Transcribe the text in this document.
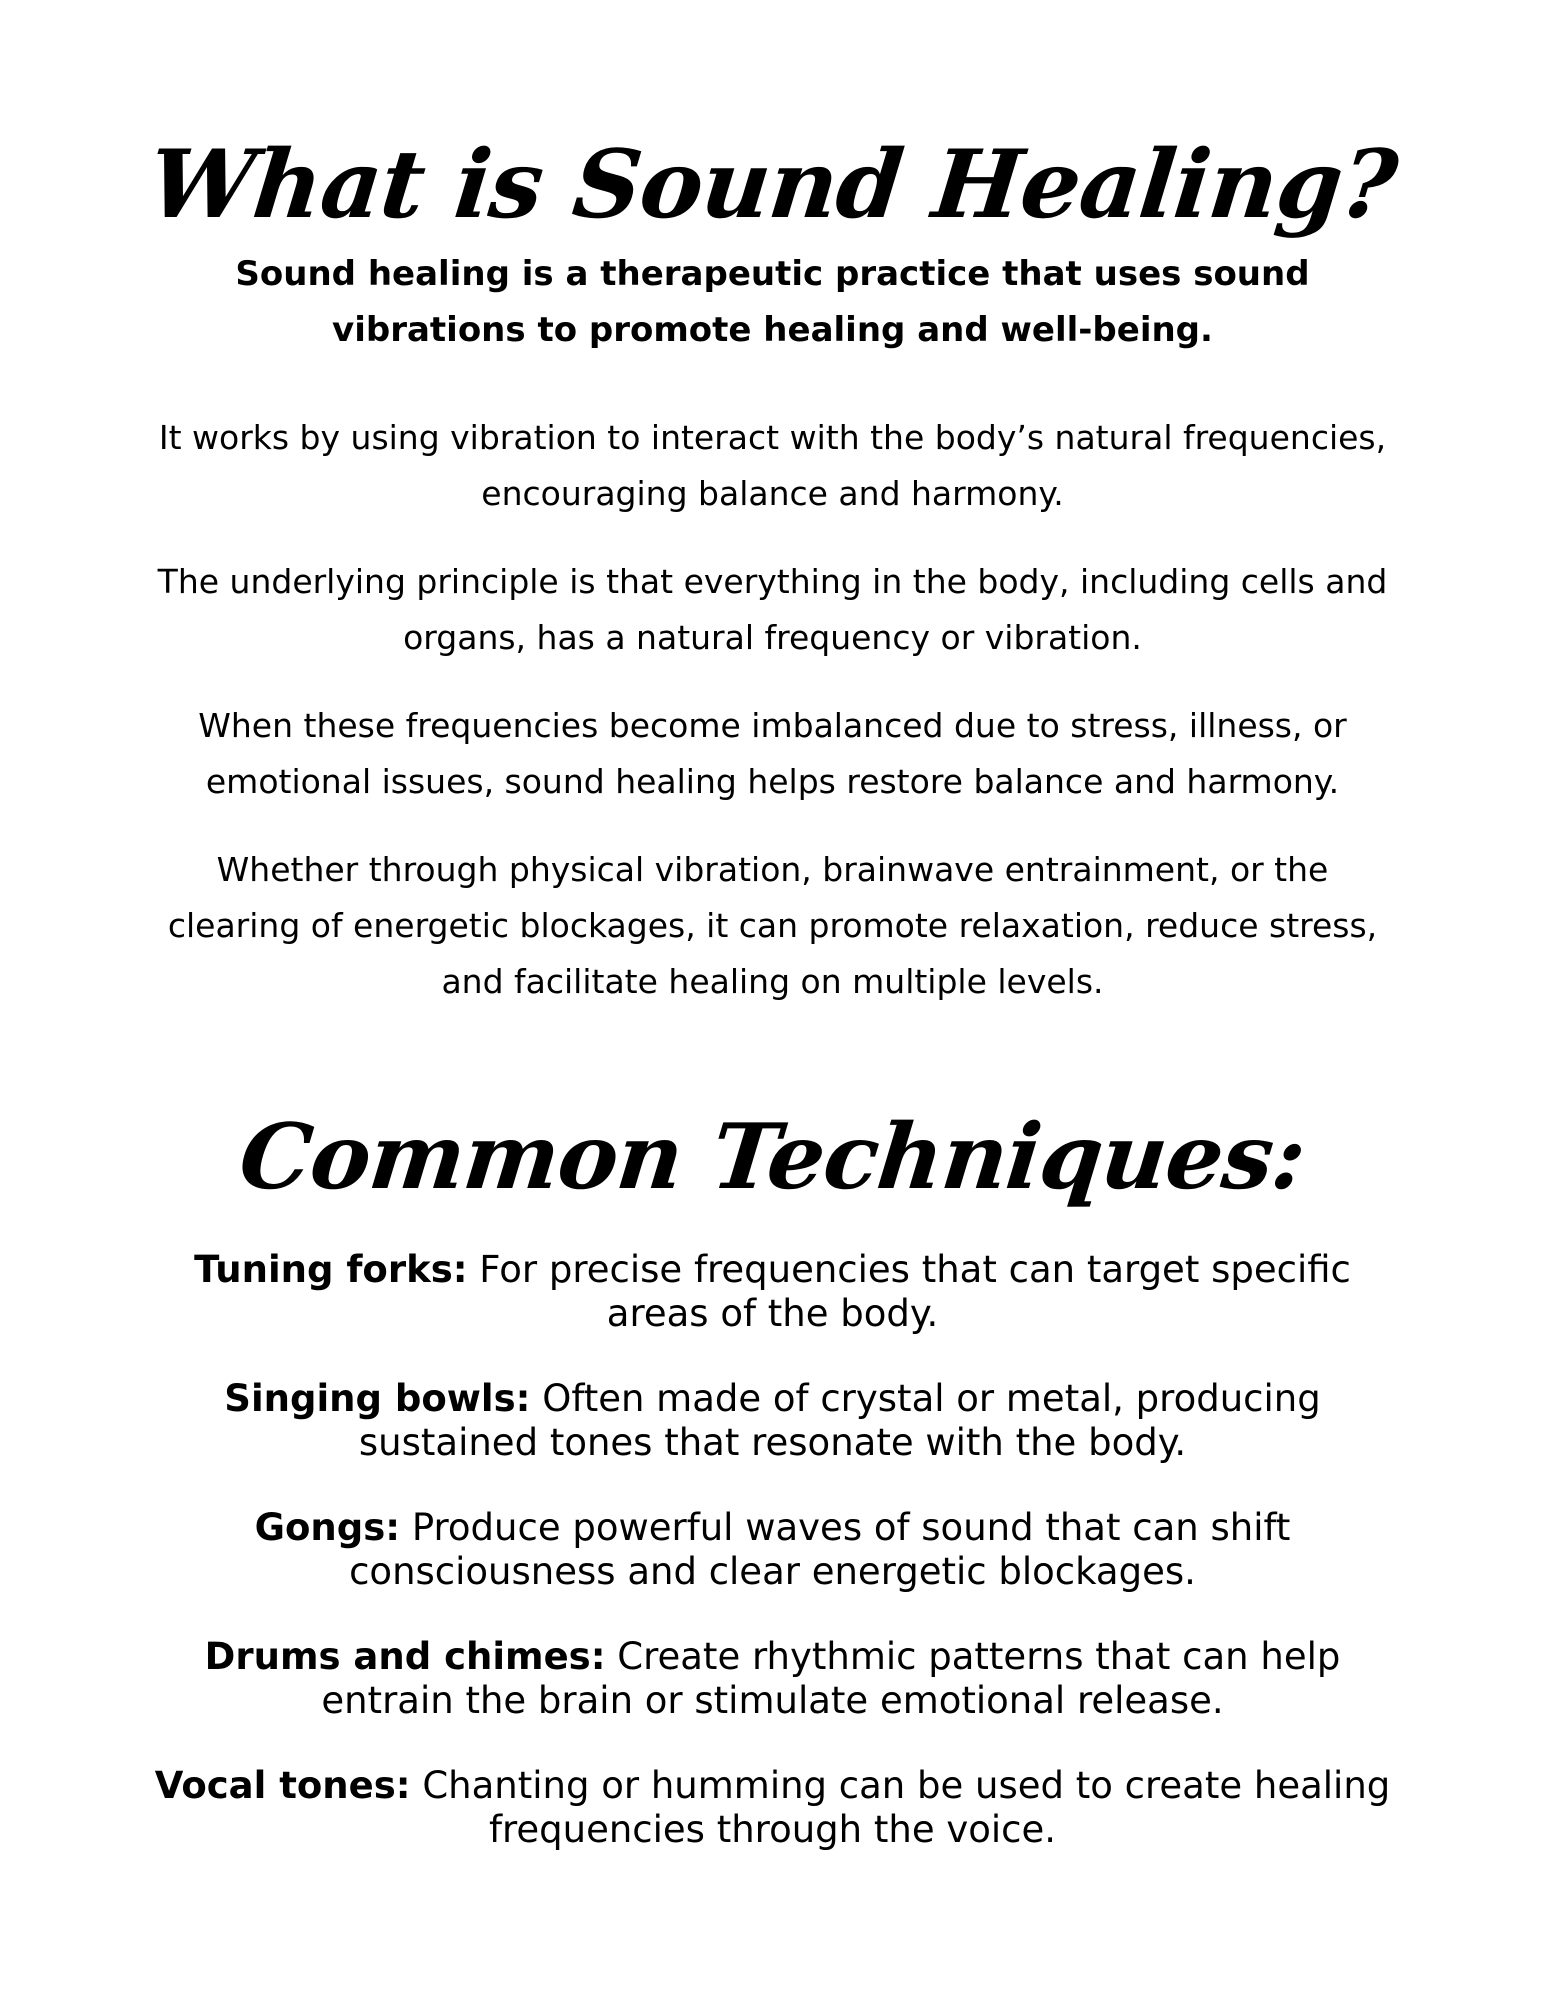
What is Sound Healing?

Sound healing is a therapeutic practice that uses sound vibrations to promote healing and well-being.

It works by using vibration to interact with the body’s natural frequencies, encouraging balance and harmony.

The underlying principle is that everything in the body, including cells and organs, has a natural frequency or vibration.

When these frequencies become imbalanced due to stress, illness, or emotional issues, sound healing helps restore balance and harmony.

Whether through physical vibration, brainwave entrainment, or the clearing of energetic blockages, it can promote relaxation, reduce stress, and facilitate healing on multiple levels.

Common Techniques:

Tuning forks: For precise frequencies that can target specific areas of the body.

Singing bowls: Often made of crystal or metal, producing sustained tones that resonate with the body.

Gongs: Produce powerful waves of sound that can shift consciousness and clear energetic blockages.

Drums and chimes: Create rhythmic patterns that can help entrain the brain or stimulate emotional release.

Vocal tones: Chanting or humming can be used to create healing frequencies through the voice.
